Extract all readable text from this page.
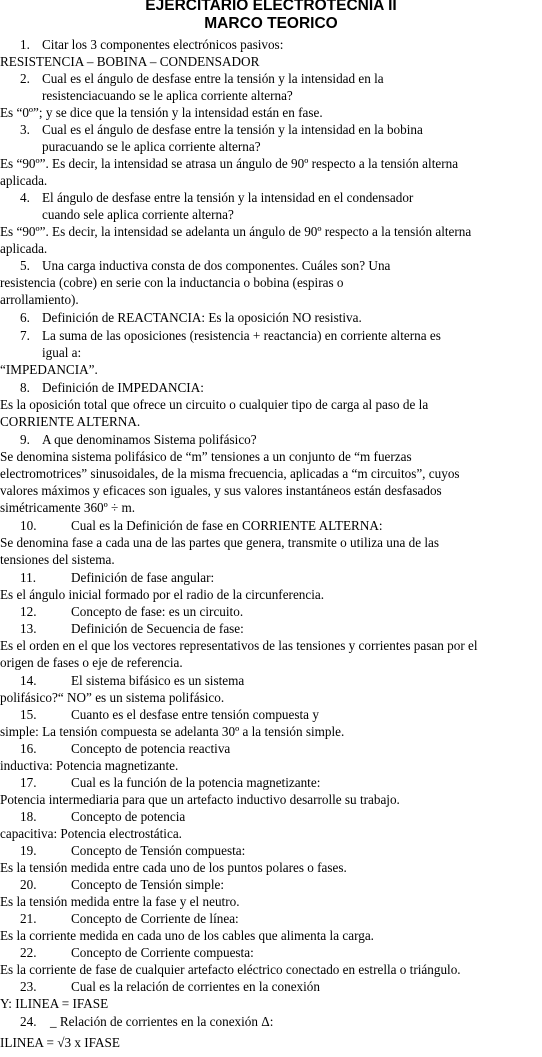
EJERCITARIO ELECTROTECNIA II
MARCO TEORICO
1. Citar los 3 componentes electrónicos pasivos:
RESISTENCIA – BOBINA – CONDENSADOR
2. Cual es el ángulo de desfase entre la tensión y la intensidad en la
resistenciacuando se le aplica corriente alterna?
Es “0º”; y se dice que la tensión y la intensidad están en fase.
3. Cual es el ángulo de desfase entre la tensión y la intensidad en la bobina
puracuando se le aplica corriente alterna?
Es “90º”. Es decir, la intensidad se atrasa un ángulo de 90º respecto a la tensión alterna
aplicada.
4. El ángulo de desfase entre la tensión y la intensidad en el condensador
cuando sele aplica corriente alterna?
Es “90º”. Es decir, la intensidad se adelanta un ángulo de 90º respecto a la tensión alterna
aplicada.
5. Una carga inductiva consta de dos componentes. Cuáles son? Una
resistencia (cobre) en serie con la inductancia o bobina (espiras o
arrollamiento).
6. Definición de REACTANCIA: Es la oposición NO resistiva.
7. La suma de las oposiciones (resistencia + reactancia) en corriente alterna es
igual a:
“IMPEDANCIA”.
8. Definición de IMPEDANCIA:
Es la oposición total que ofrece un circuito o cualquier tipo de carga al paso de la
CORRIENTE ALTERNA.
9. A que denominamos Sistema polifásico?
Se denomina sistema polifásico de “m” tensiones a un conjunto de “m fuerzas
electromotrices” sinusoidales, de la misma frecuencia, aplicadas a “m circuitos”, cuyos
valores máximos y eficaces son iguales, y sus valores instantáneos están desfasados
simétricamente 360º ÷ m.
10.	Cual es la Definición de fase en CORRIENTE ALTERNA:
Se denomina fase a cada una de las partes que genera, transmite o utiliza una de las
tensiones del sistema.
11.	Definición de fase angular:
Es el ángulo inicial formado por el radio de la circunferencia.
12.	Concepto de fase: es un circuito.
13.	Definición de Secuencia de fase:
Es el orden en el que los vectores representativos de las tensiones y corrientes pasan por el
origen de fases o eje de referencia.
14.	El sistema bifásico es un sistema
polifásico?“ NO” es un sistema polifásico.
15.	Cuanto es el desfase entre tensión compuesta y
simple: La tensión compuesta se adelanta 30º a la tensión simple.
16.	Concepto de potencia reactiva
inductiva: Potencia magnetizante.
17.	Cual es la función de la potencia magnetizante:
Potencia intermediaria para que un artefacto inductivo desarrolle su trabajo.
18.	Concepto de potencia
capacitiva: Potencia electrostática.
19.	Concepto de Tensión compuesta:
Es la tensión medida entre cada uno de los puntos polares o fases.
20.	Concepto de Tensión simple:
Es la tensión medida entre la fase y el neutro.
21.	Concepto de Corriente de línea:
Es la corriente medida en cada uno de los cables que alimenta la carga.
22.	Concepto de Corriente compuesta:
Es la corriente de fase de cualquier artefacto eléctrico conectado en estrella o triángulo.
23.	Cual es la relación de corrientes en la conexión
Y: ILINEA = IFASE
24. _ Relación de corrientes en la conexión Δ:
ILINEA = √3 x IFASE
